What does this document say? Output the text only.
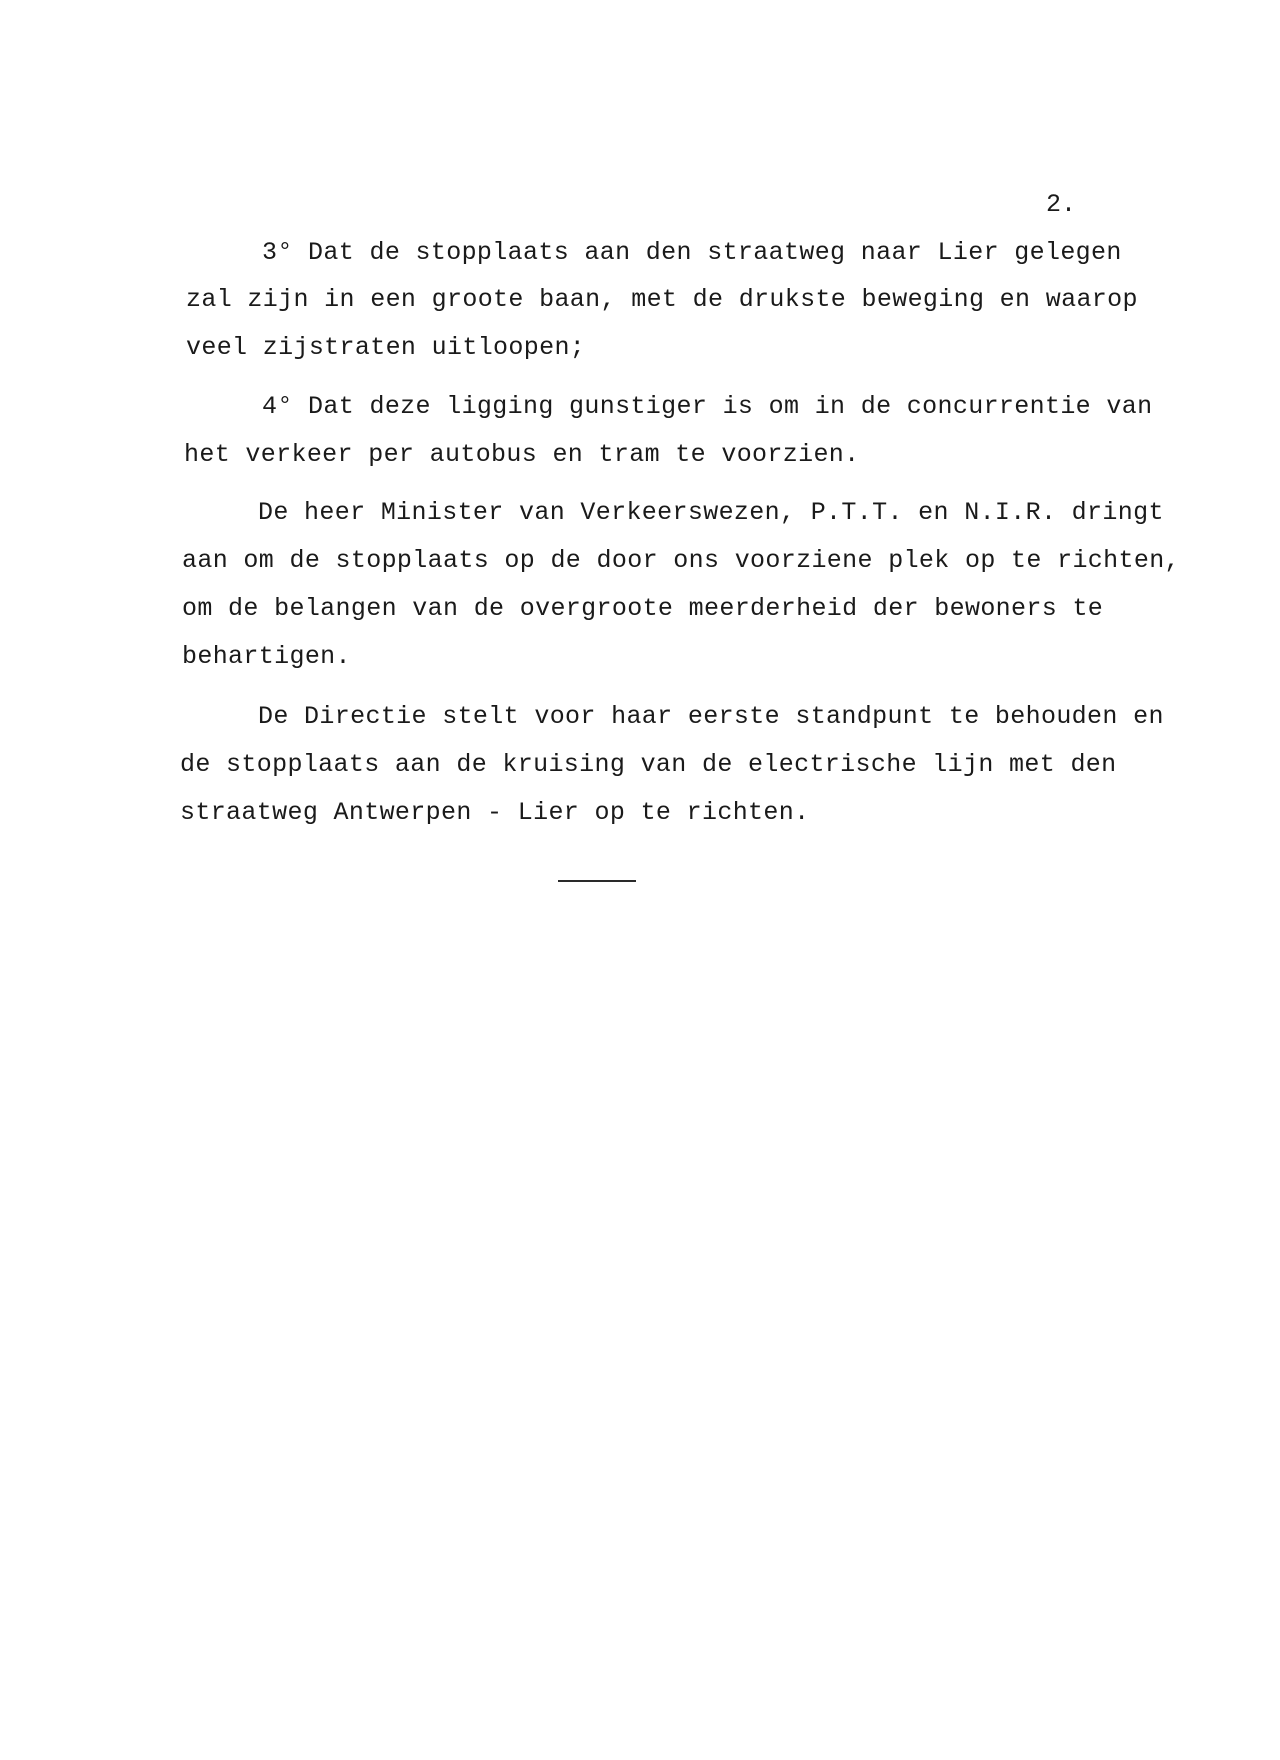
2.
3° Dat de stopplaats aan den straatweg naar Lier gelegen
zal zijn in een groote baan, met de drukste beweging en waarop
veel zijstraten uitloopen;
4° Dat deze ligging gunstiger is om in de concurrentie van
het verkeer per autobus en tram te voorzien.
De heer Minister van Verkeerswezen, P.T.T. en N.I.R. dringt
aan om de stopplaats op de door ons voorziene plek op te richten,
om de belangen van de overgroote meerderheid der bewoners te
behartigen.
De Directie stelt voor haar eerste standpunt te behouden en
de stopplaats aan de kruising van de electrische lijn met den
straatweg Antwerpen - Lier op te richten.
